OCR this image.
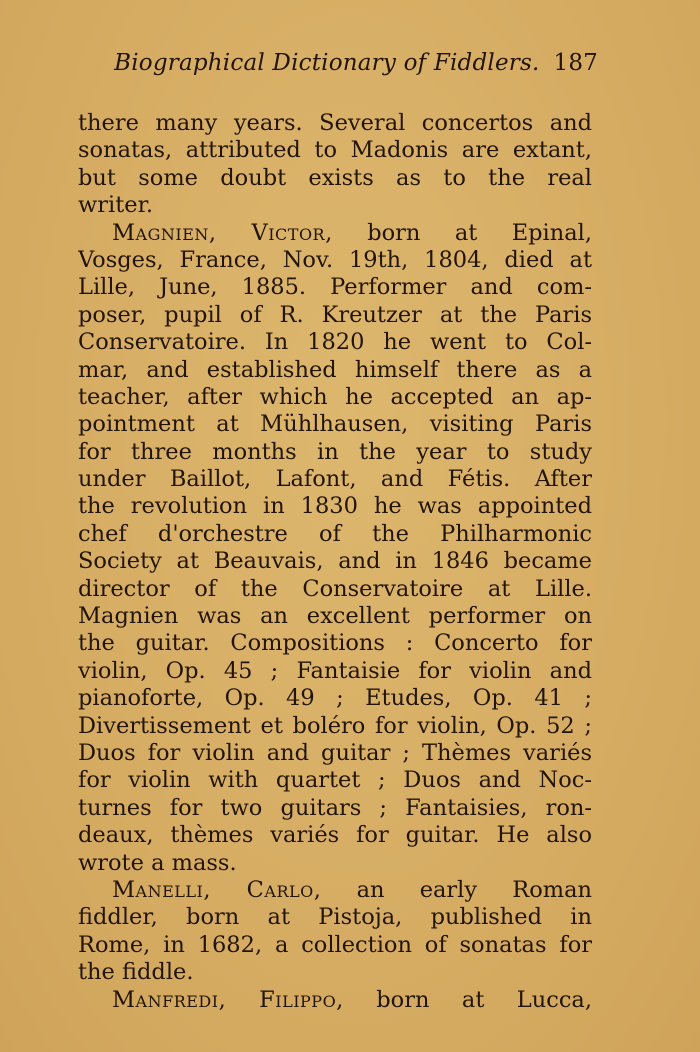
Biographical Dictionary of Fiddlers. 187
there many years. Several concertos and
sonatas, attributed to Madonis are extant,
but some doubt exists as to the real
writer.
Magnien, Victor, born at Epinal,
Vosges, France, Nov. 19th, 1804, died at
Lille, June, 1885. Performer and com-
poser, pupil of R. Kreutzer at the Paris
Conservatoire. In 1820 he went to Col-
mar, and established himself there as a
teacher, after which he accepted an ap-
pointment at Mühlhausen, visiting Paris
for three months in the year to study
under Baillot, Lafont, and Fétis. After
the revolution in 1830 he was appointed
chef d'orchestre of the Philharmonic
Society at Beauvais, and in 1846 became
director of the Conservatoire at Lille.
Magnien was an excellent performer on
the guitar. Compositions : Concerto for
violin, Op. 45 ; Fantaisie for violin and
pianoforte, Op. 49 ; Etudes, Op. 41 ;
Divertissement et boléro for violin, Op. 52 ;
Duos for violin and guitar ; Thèmes variés
for violin with quartet ; Duos and Noc-
turnes for two guitars ; Fantaisies, ron-
deaux, thèmes variés for guitar. He also
wrote a mass.
Manelli, Carlo, an early Roman
fiddler, born at Pistoja, published in
Rome, in 1682, a collection of sonatas for
the fiddle.
Manfredi, Filippo, born at Lucca,
